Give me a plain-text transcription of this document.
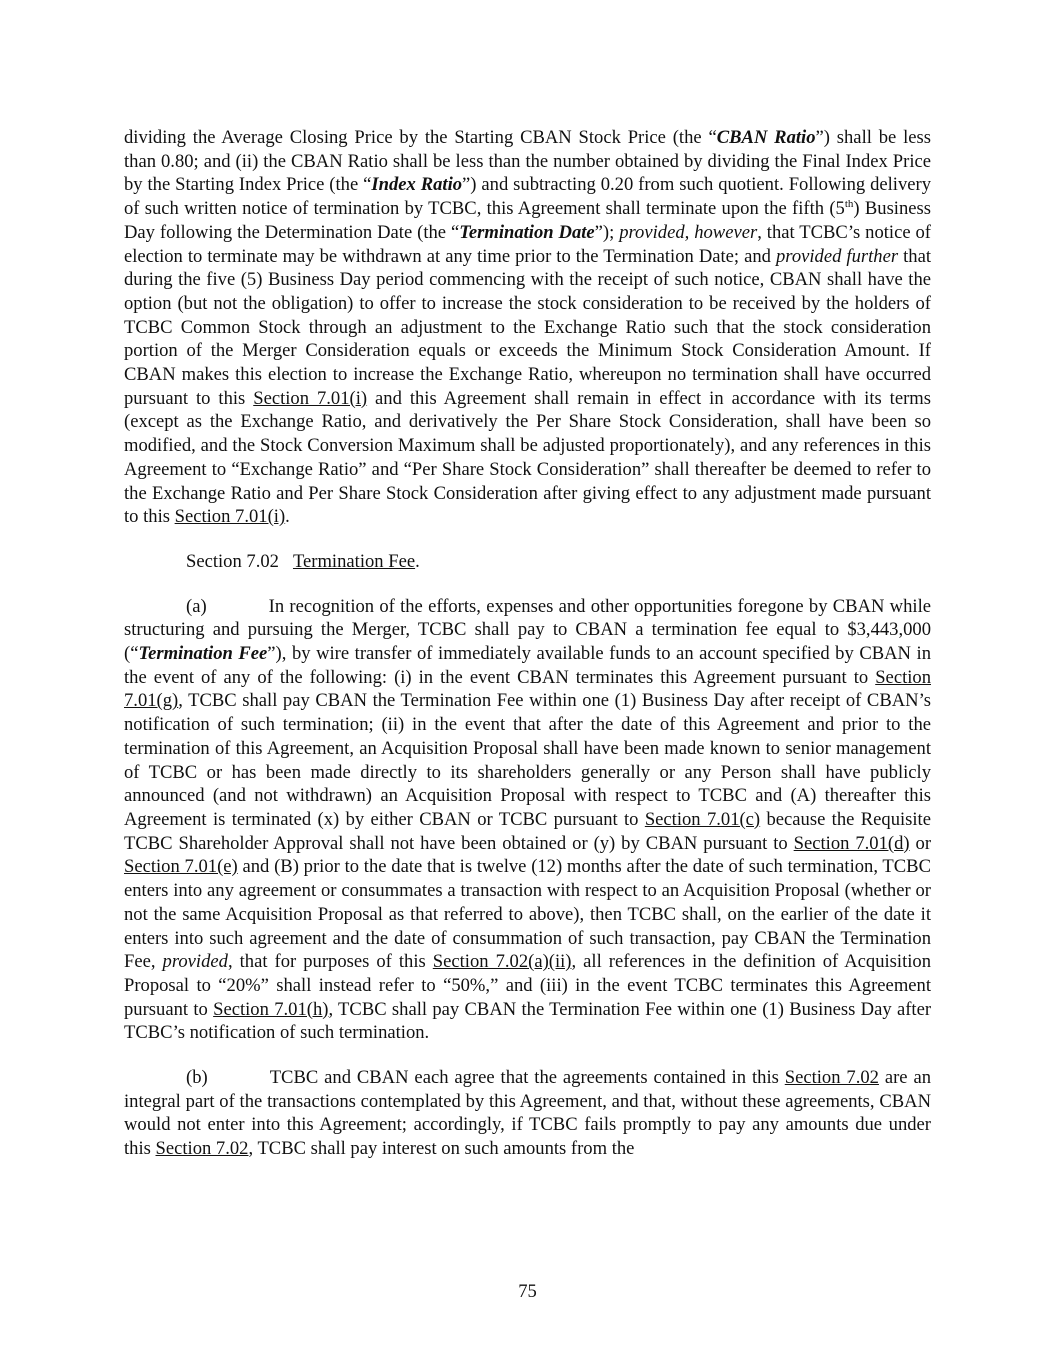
dividing the Average Closing Price by the Starting CBAN Stock Price (the “CBAN Ratio”) shall be less than 0.80; and (ii) the CBAN Ratio shall be less than the number obtained by dividing the Final Index Price by the Starting Index Price (the “Index Ratio”) and subtracting 0.20 from such quotient. Following delivery of such written notice of termination by TCBC, this Agreement shall terminate upon the fifth (5th) Business Day following the Determination Date (the “Termination Date”); provided, however, that TCBC’s notice of election to terminate may be withdrawn at any time prior to the Termination Date; and provided further that during the five (5) Business Day period commencing with the receipt of such notice, CBAN shall have the option (but not the obligation) to offer to increase the stock consideration to be received by the holders of TCBC Common Stock through an adjustment to the Exchange Ratio such that the stock consideration portion of the Merger Consideration equals or exceeds the Minimum Stock Consideration Amount. If CBAN makes this election to increase the Exchange Ratio, whereupon no termination shall have occurred pursuant to this Section 7.01(i) and this Agreement shall remain in effect in accordance with its terms (except as the Exchange Ratio, and derivatively the Per Share Stock Consideration, shall have been so modified, and the Stock Conversion Maximum shall be adjusted proportionately), and any references in this Agreement to “Exchange Ratio” and “Per Share Stock Consideration” shall thereafter be deemed to refer to the Exchange Ratio and Per Share Stock Consideration after giving effect to any adjustment made pursuant to this Section 7.01(i).

Section 7.02 Termination Fee.

(a)	In recognition of the efforts, expenses and other opportunities foregone by CBAN while structuring and pursuing the Merger, TCBC shall pay to CBAN a termination fee equal to $3,443,000 (“Termination Fee”), by wire transfer of immediately available funds to an account specified by CBAN in the event of any of the following: (i) in the event CBAN terminates this Agreement pursuant to Section 7.01(g), TCBC shall pay CBAN the Termination Fee within one (1) Business Day after receipt of CBAN’s notification of such termination; (ii) in the event that after the date of this Agreement and prior to the termination of this Agreement, an Acquisition Proposal shall have been made known to senior management of TCBC or has been made directly to its shareholders generally or any Person shall have publicly announced (and not withdrawn) an Acquisition Proposal with respect to TCBC and (A) thereafter this Agreement is terminated (x) by either CBAN or TCBC pursuant to Section 7.01(c) because the Requisite TCBC Shareholder Approval shall not have been obtained or (y) by CBAN pursuant to Section 7.01(d) or Section 7.01(e) and (B) prior to the date that is twelve (12) months after the date of such termination, TCBC enters into any agreement or consummates a transaction with respect to an Acquisition Proposal (whether or not the same Acquisition Proposal as that referred to above), then TCBC shall, on the earlier of the date it enters into such agreement and the date of consummation of such transaction, pay CBAN the Termination Fee, provided, that for purposes of this Section 7.02(a)(ii), all references in the definition of Acquisition Proposal to “20%” shall instead refer to “50%,” and (iii) in the event TCBC terminates this Agreement pursuant to Section 7.01(h), TCBC shall pay CBAN the Termination Fee within one (1) Business Day after TCBC’s notification of such termination.

(b)	TCBC and CBAN each agree that the agreements contained in this Section 7.02 are an integral part of the transactions contemplated by this Agreement, and that, without these agreements, CBAN would not enter into this Agreement; accordingly, if TCBC fails promptly to pay any amounts due under this Section 7.02, TCBC shall pay interest on such amounts from the

75
